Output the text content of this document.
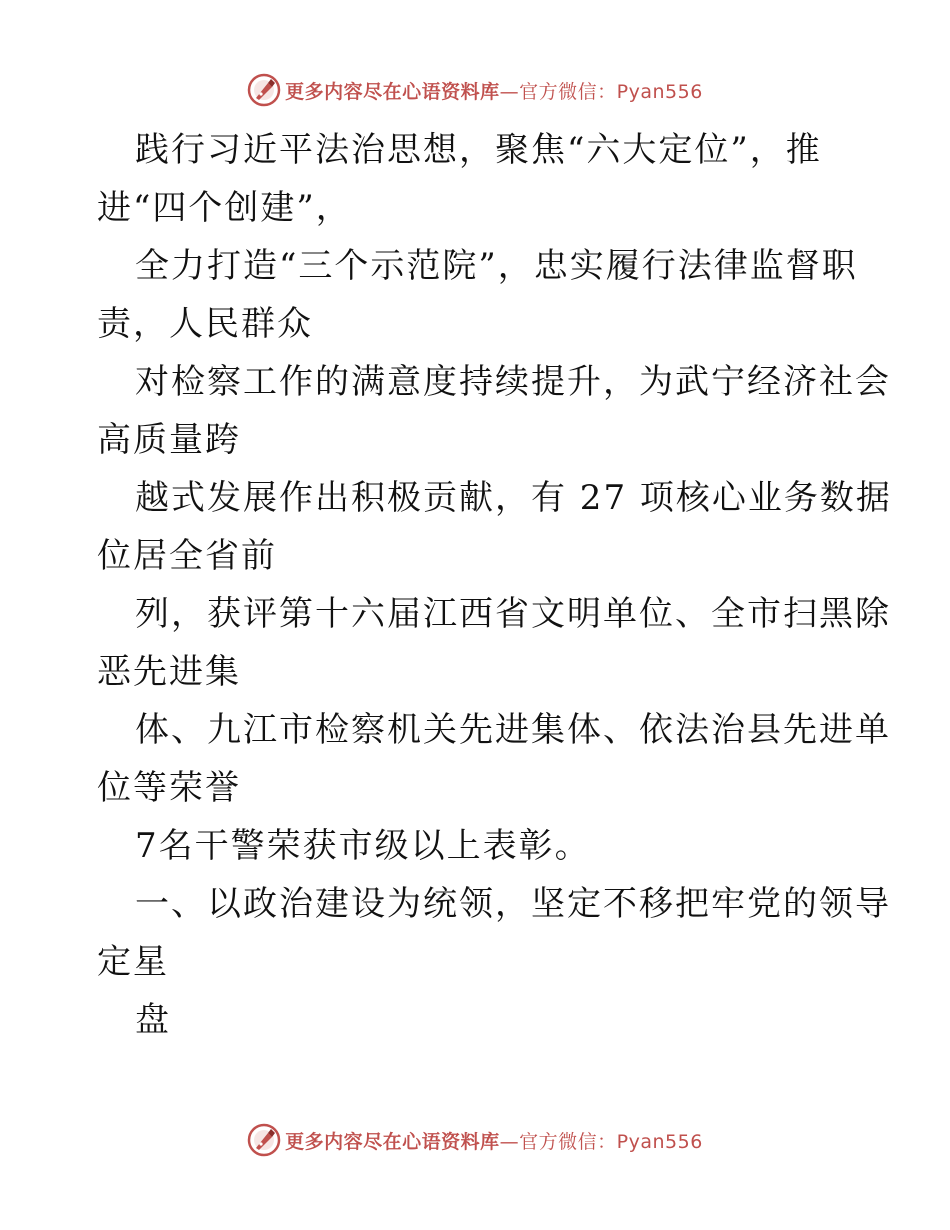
更多内容尽在心语资料库—官方微信：Pyan556
践行习近平法治思想，聚焦“六大定位”，推
进“四个创建”，
全力打造“三个示范院”，忠实履行法律监督职
责，人民群众
对检察工作的满意度持续提升，为武宁经济社会
高质量跨
越式发展作出积极贡献，有 27 项核心业务数据
位居全省前
列，获评第十六届江西省文明单位、全市扫黑除
恶先进集
体、九江市检察机关先进集体、依法治县先进单
位等荣誉
7名干警荣获市级以上表彰。
一、以政治建设为统领，坚定不移把牢党的领导
定星
盘
更多内容尽在心语资料库—官方微信：Pyan556
